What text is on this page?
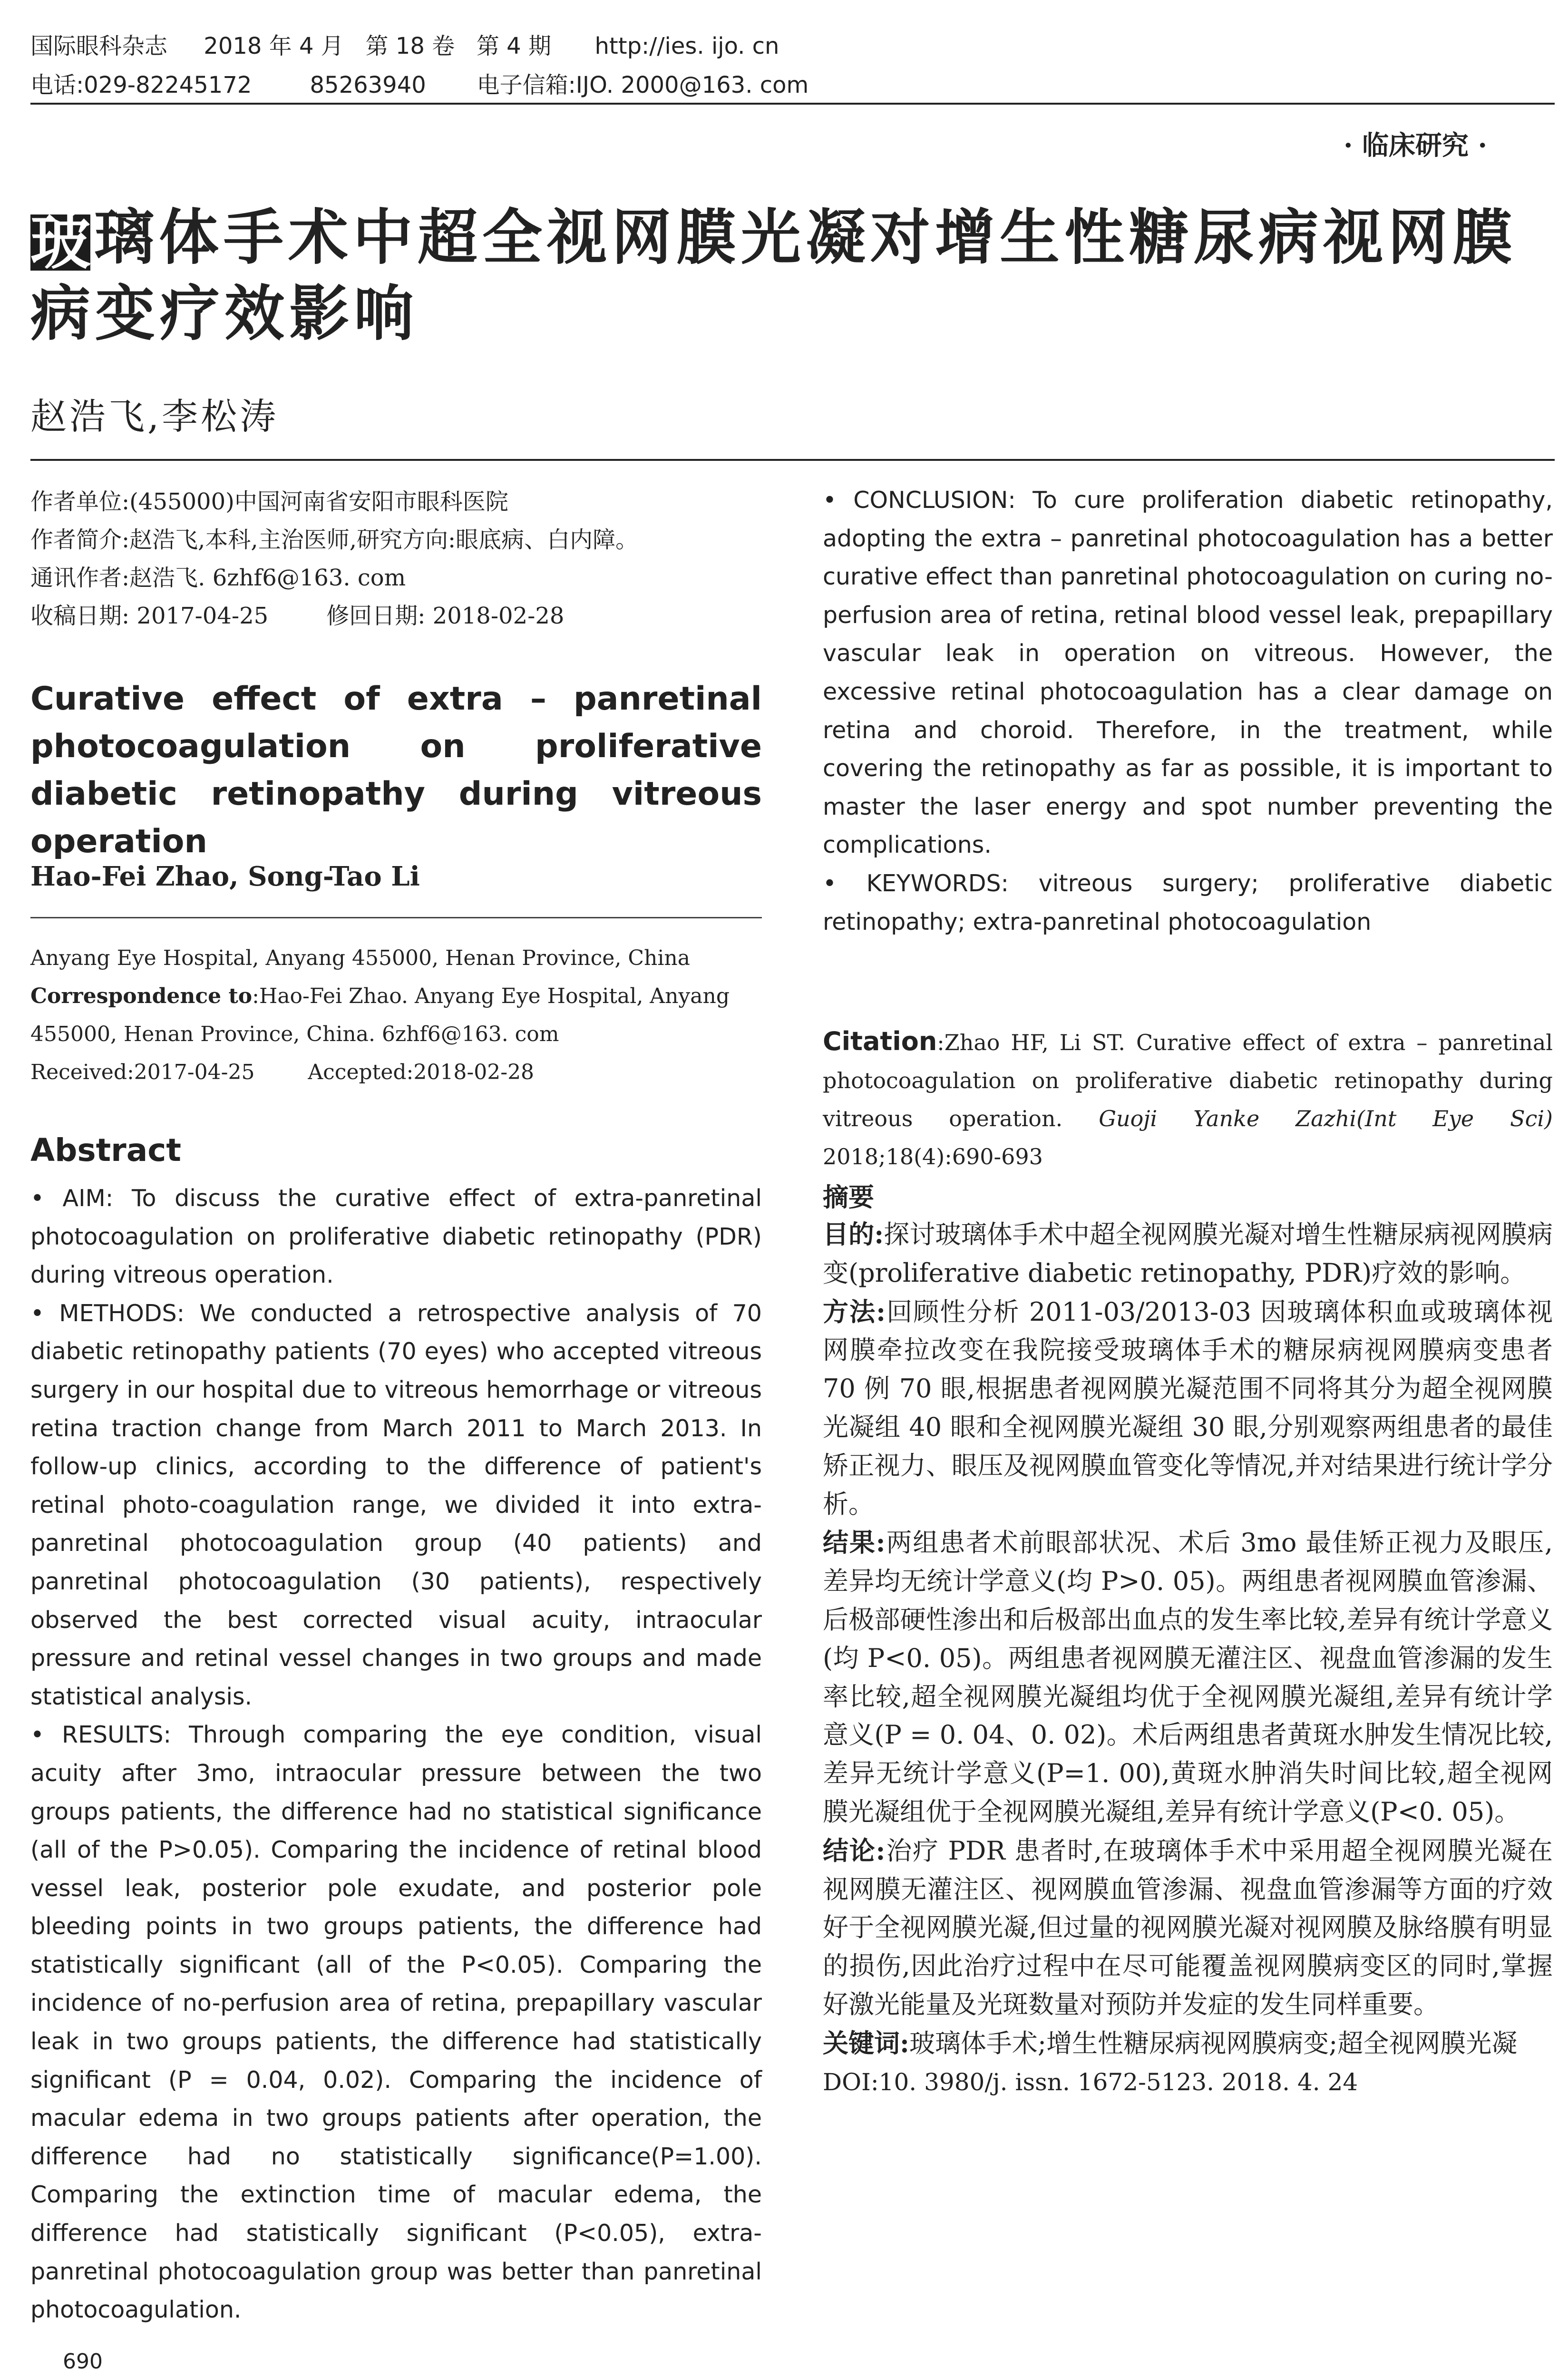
国际眼科杂志     2018 年 4 月   第 18 卷   第 4 期      http://ies. ijo. cn
电话:029-82245172        85263940       电子信箱:IJO. 2000@163. com
· 临床研究 ·
玻璃体手术中超全视网膜光凝对增生性糖尿病视网膜病变疗效影响
赵浩飞,李松涛
作者单位:(455000)中国河南省安阳市眼科医院
作者简介:赵浩飞,本科,主治医师,研究方向:眼底病、白内障。
通讯作者:赵浩飞. 6zhf6@163. com
收稿日期: 2017-04-25        修回日期: 2018-02-28
Curative effect of extra – panretinal photocoagulation on proliferative diabetic retinopathy during vitreous operation
Hao-Fei Zhao, Song-Tao Li
Anyang Eye Hospital, Anyang 455000, Henan Province, China
Correspondence to:Hao-Fei Zhao. Anyang Eye Hospital, Anyang 455000, Henan Province, China. 6zhf6@163. com
Received:2017-04-25        Accepted:2018-02-28
Abstract

• AIM: To discuss the curative effect of extra-panretinal photocoagulation on proliferative diabetic retinopathy (PDR) during vitreous operation.

• METHODS: We conducted a retrospective analysis of 70 diabetic retinopathy patients (70 eyes) who accepted vitreous surgery in our hospital due to vitreous hemorrhage or vitreous retina traction change from March 2011 to March 2013. In follow-up clinics, according to the difference of patient's retinal photo-coagulation range, we divided it into extra-panretinal photocoagulation group (40 patients) and panretinal photocoagulation (30 patients), respectively observed the best corrected visual acuity, intraocular pressure and retinal vessel changes in two groups and made statistical analysis.

• RESULTS: Through comparing the eye condition, visual acuity after 3mo, intraocular pressure between the two groups patients, the difference had no statistical significance (all of the P>0.05). Comparing the incidence of retinal blood vessel leak, posterior pole exudate, and posterior pole bleeding points in two groups patients, the difference had statistically significant (all of the P<0.05). Comparing the incidence of no-perfusion area of retina, prepapillary vascular leak in two groups patients, the difference had statistically significant (P = 0.04, 0.02). Comparing the incidence of macular edema in two groups patients after operation, the difference had no statistically significance(P=1.00). Comparing the extinction time of macular edema, the difference had statistically significant (P<0.05), extra-panretinal photocoagulation group was better than panretinal photocoagulation.

690

• CONCLUSION: To cure proliferation diabetic retinopathy, adopting the extra – panretinal photocoagulation has a better curative effect than panretinal photocoagulation on curing no-perfusion area of retina, retinal blood vessel leak, prepapillary vascular leak in operation on vitreous. However, the excessive retinal photocoagulation has a clear damage on retina and choroid. Therefore, in the treatment, while covering the retinopathy as far as possible, it is important to master the laser energy and spot number preventing the complications.

• KEYWORDS: vitreous surgery; proliferative diabetic retinopathy; extra-panretinal photocoagulation

Citation:Zhao HF, Li ST. Curative effect of extra – panretinal photocoagulation on proliferative diabetic retinopathy during vitreous operation. Guoji Yanke Zazhi(Int Eye Sci) 2018;18(4):690-693
摘要

目的:探讨玻璃体手术中超全视网膜光凝对增生性糖尿病视网膜病变(proliferative diabetic retinopathy, PDR)疗效的影响。

方法:回顾性分析 2011-03/2013-03 因玻璃体积血或玻璃体视网膜牵拉改变在我院接受玻璃体手术的糖尿病视网膜病变患者 70 例 70 眼,根据患者视网膜光凝范围不同将其分为超全视网膜光凝组 40 眼和全视网膜光凝组 30 眼,分别观察两组患者的最佳矫正视力、眼压及视网膜血管变化等情况,并对结果进行统计学分析。

结果:两组患者术前眼部状况、术后 3mo 最佳矫正视力及眼压,差异均无统计学意义(均 P>0. 05)。两组患者视网膜血管渗漏、后极部硬性渗出和后极部出血点的发生率比较,差异有统计学意义(均 P<0. 05)。两组患者视网膜无灌注区、视盘血管渗漏的发生率比较,超全视网膜光凝组均优于全视网膜光凝组,差异有统计学意义(P = 0. 04、0. 02)。术后两组患者黄斑水肿发生情况比较,差异无统计学意义(P=1. 00),黄斑水肿消失时间比较,超全视网膜光凝组优于全视网膜光凝组,差异有统计学意义(P<0. 05)。

结论:治疗 PDR 患者时,在玻璃体手术中采用超全视网膜光凝在视网膜无灌注区、视网膜血管渗漏、视盘血管渗漏等方面的疗效好于全视网膜光凝,但过量的视网膜光凝对视网膜及脉络膜有明显的损伤,因此治疗过程中在尽可能覆盖视网膜病变区的同时,掌握好激光能量及光斑数量对预防并发症的发生同样重要。

关键词:玻璃体手术;增生性糖尿病视网膜病变;超全视网膜光凝

DOI:10. 3980/j. issn. 1672-5123. 2018. 4. 24
